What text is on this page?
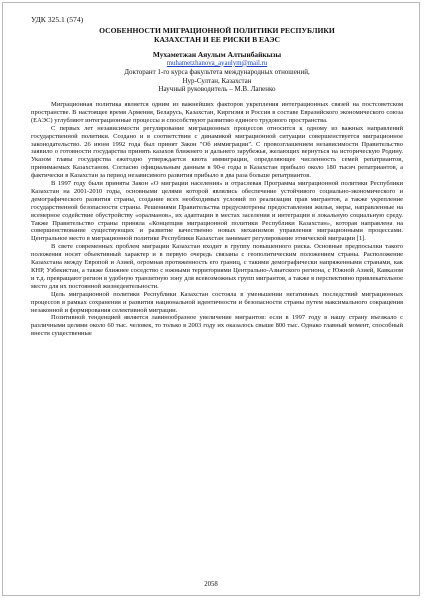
УДК 325.1 (574)
ОСОБЕННОСТИ МИГРАЦИОННОЙ ПОЛИТИКИ РЕСПУБЛИКИ
КАЗАХСТАН И ЕЕ РИСКИ В ЕАЭС
Мухаметжан Аяулым Алтынбайкызы
muhametzhanova_ayaulym@mail.ru
Докторант 1-го курса факультета международных отношений,
Нур-Султан, Казахстан
Научный руководитель – М.В. Лапенко

Миграционная политика является одним из важнейших факторов укрепления интеграционных связей на постсоветском пространстве. В настоящее время Армения, Беларусь, Казахстан, Киргизия и Россия в составе Евразийского экономического союза (ЕАЭС) углубляют интеграционные процессы и способствуют развитию единого трудового пространства.

С первых лет независимости регулирование миграционных процессов относится к одному из важных направлений государственной политики. Создано и в соответствии с динамикой миграционной ситуации совершенствуется миграционное законодательство. 26 июня 1992 года был принят Закон "Об иммиграции". С провозглашением независимости Правительство заявило о готовности государства принять казахов ближнего и дальнего зарубежья, желающих вернуться на историческую Родину. Указом главы государства ежегодно утверждается квота иммиграции, определяющее численность семей репатриантов, принимаемых Казахстаном. Согласно официальным данным в 90-е годы в Казахстан прибыло около 180 тысяч репатриантов, а фактически в Казахстан за период независимого развития прибыло в два раза больше репатриантов.

В 1997 году были приняты Закон «О миграции населения» и отраслевая Программа миграционной политики Республики Казахстан на 2001-2010 годы, основными целями которой являлись обеспечение устойчивого социально-экономического и демографического развития страны, создание всех необходимых условий по реализации прав мигрантов, а также укрепление государственной безопасности страны. Решениями Правительства предусмотрены предоставления жилья, меры, направленные на всемерное содействие обустройству «оралманов», их адаптации в местах заселения и интеграции в локальную социальную среду. Также Правительство страны приняла «Концепция миграционной политики Республики Казахстан», которая направлена на совершенствование существующих и развитие качественно новых механизмов управления миграционными процессами. Центральное место в миграционной политике Республики Казахстан занимает регулирование этнической миграции [1].

В свете современных проблем миграции Казахстан входит в группу повышенного риска. Основные предпосылки такого положения носят объективный характер и в первую очередь связаны с геополитическим положением страны. Расположение Казахстана между Европой и Азией, огромная протяженность его границ, с такими демографически напряженными странами, как КНР, Узбекистан, а также ближнее соседство с южными территориями Центрально-Азиатского региона, с Южной Азией, Кавказом и т.д. превращают регион в удобную транзитную зону для всевозможных групп мигрантов, а также в перспективно привлекательное место для их постоянной жизнедеятельности.

Цель миграционной политики Республики Казахстан состояла в уменьшении негативных последствий миграционных процессов в рамках сохранения и развития национальной идентичности и безопасности страны путем максимального сокращения незаконной и формирования селективной миграции.

Позитивной тенденцией является лавинообразное увеличение мигрантов: если в 1997 году в нашу страну въезжало с различными целями около 60 тыс. человек, то только в 2003 году их оказалось свыше 800 тыс. Однако главный момент, способный внести существенные

2058
